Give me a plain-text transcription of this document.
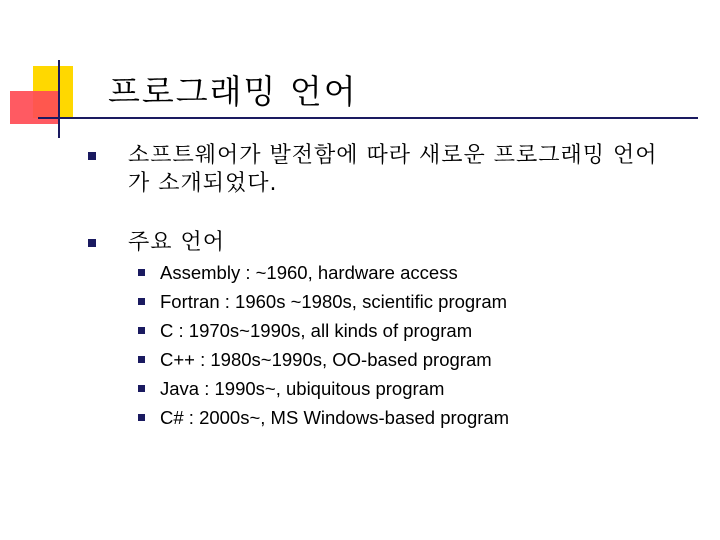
프로그래밍 언어
소프트웨어가 발전함에 따라 새로운 프로그래밍 언어
가 소개되었다.
주요 언어
Assembly : ~1960, hardware access
Fortran : 1960s ~1980s, scientific program
C : 1970s~1990s, all kinds of program
C++ : 1980s~1990s, OO-based program
Java : 1990s~, ubiquitous program
C# : 2000s~, MS Windows-based program
